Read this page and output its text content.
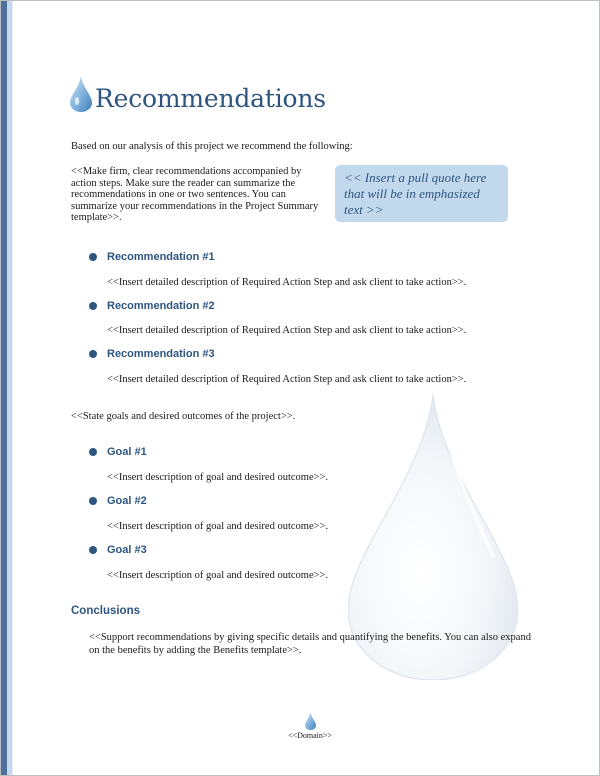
Recommendations

Based on our analysis of this project we recommend the following:

<<Make firm, clear recommendations accompanied by action steps. Make sure the reader can summarize the recommendations in one or two sentences. You can summarize your recommendations in the Project Summary template>>.

<< Insert a pull quote here that will be in emphasized text >>
Recommendation #1

<<Insert detailed description of Required Action Step and ask client to take action>>.

Recommendation #2

<<Insert detailed description of Required Action Step and ask client to take action>>.

Recommendation #3

<<Insert detailed description of Required Action Step and ask client to take action>>.

<<State goals and desired outcomes of the project>>.

Goal #1

<<Insert description of goal and desired outcome>>.

Goal #2

<<Insert description of goal and desired outcome>>.

Goal #3

<<Insert description of goal and desired outcome>>.

Conclusions

<<Support recommendations by giving specific details and quantifying the benefits. You can also expand on the benefits by adding the Benefits template>>.

<<Domain>>
